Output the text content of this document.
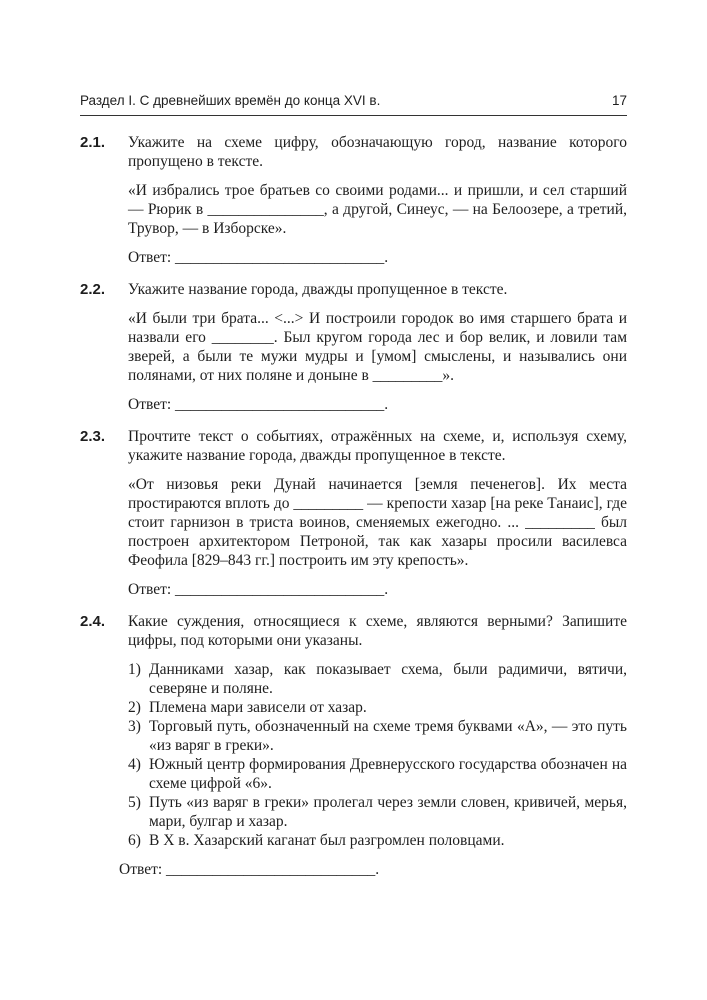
Раздел I. С древнейших времён до конца XVI в.	17
2.1. Укажите на схеме цифру, обозначающую город, название которого пропущено в тексте.

«И избрались трое братьев со своими родами... и пришли, и сел старший — Рюрик в _______________, а другой, Синеус, — на Белоозере, а третий, Трувор, — в Изборске».

Ответ: ___________________________.

2.2. Укажите название города, дважды пропущенное в тексте.

«И были три брата... <...> И построили городок во имя старшего брата и назвали его ________. Был кругом города лес и бор велик, и ловили там зверей, а были те мужи мудры и [умом] смыслены, и назывались они полянами, от них поляне и доныне в _________».

Ответ: ___________________________.

2.3. Прочтите текст о событиях, отражённых на схеме, и, используя схему, укажите название города, дважды пропущенное в тексте.

«От низовья реки Дунай начинается [земля печенегов]. Их места простираются вплоть до _________ — крепости хазар [на реке Танаис], где стоит гарнизон в триста воинов, сменяемых ежегодно. ... _________ был построен архитектором Петроной, так как хазары просили василевса Феофила [829–843 гг.] построить им эту крепость».

Ответ: ___________________________.

2.4. Какие суждения, относящиеся к схеме, являются верными? Запишите цифры, под которыми они указаны.

1) Данниками хазар, как показывает схема, были радимичи, вятичи, северяне и поляне.
2) Племена мари зависели от хазар.
3) Торговый путь, обозначенный на схеме тремя буквами «А», — это путь «из варяг в греки».
4) Южный центр формирования Древнерусского государства обозначен на схеме цифрой «6».
5) Путь «из варяг в греки» пролегал через земли словен, кривичей, мерья, мари, булгар и хазар.
6) В X в. Хазарский каганат был разгромлен половцами.
Ответ: ___________________________.
